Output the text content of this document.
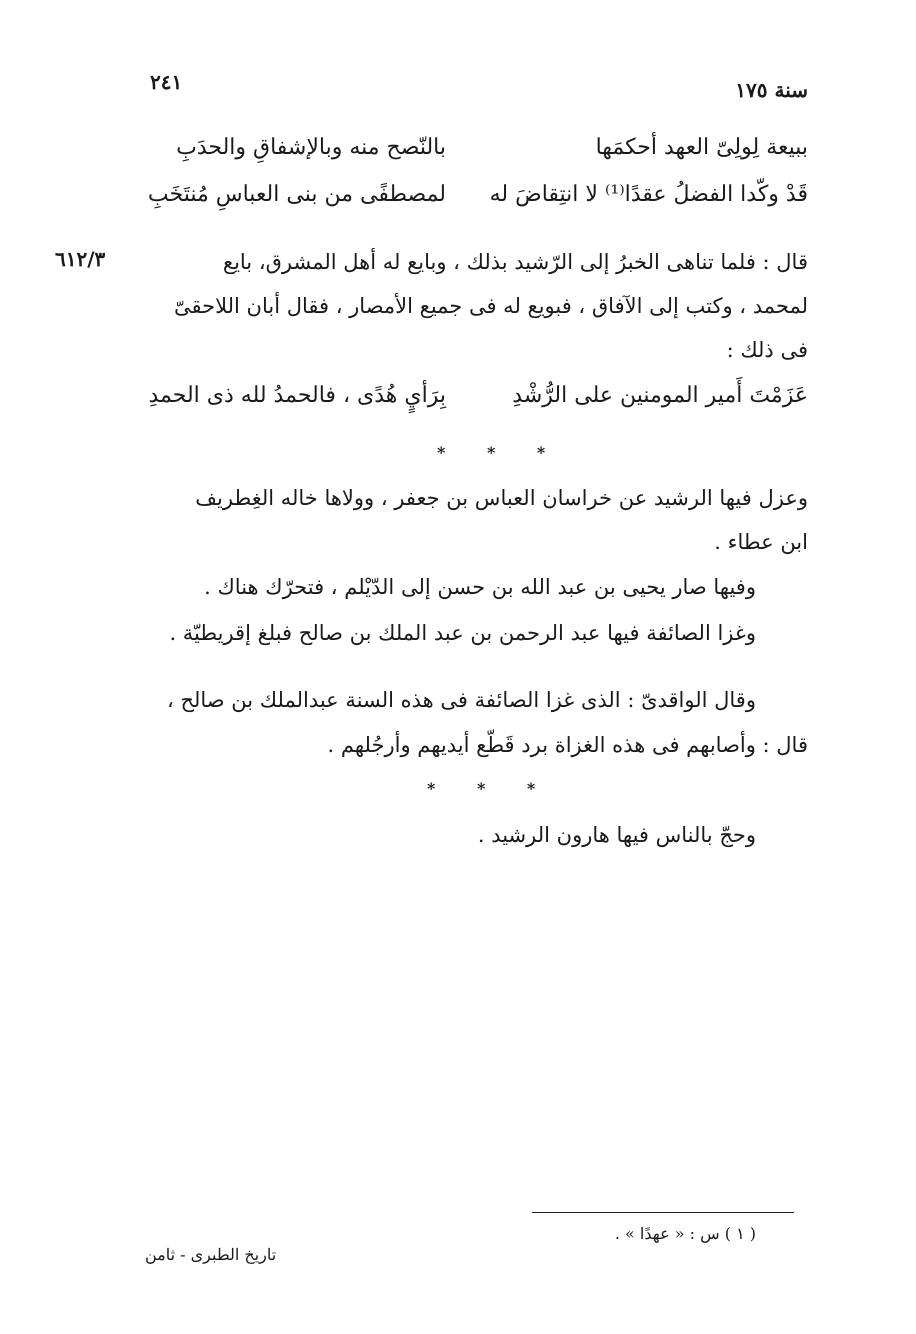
٢٤١	سنة ١٧٥
٦١٢/٣
ببيعة لِولِىّ العهد أحكمَها
بالنّصح منه وبالإشفاقِ والحدَبِ
قَدْ وكّدا الفضلُ عقدًا⁽¹⁾ لا انتِقاضَ له
لمصطفًى من بنى العباسِ مُنتَخَبِ
قال : فلما تناهى الخبرُ إلى الرّشيد بذلك ، وبايع له أهل المشرق، بايع
لمحمد ، وكتب إلى الآفاق ، فبويع له فى جميع الأمصار ، فقال أبان اللاحقىّ
فى ذلك :
عَزَمْتَ أَمير المومنين على الرُّشْدِ
بِرَأيٍ هُدًى ، فالحمدُ لله ذى الحمدِ
* * *
وعزل فيها الرشيد عن خراسان العباس بن جعفر ، وولاها خاله الغِطريف
ابن عطاء .
وفيها صار يحيى بن عبد الله بن حسن إلى الدّيْلم ، فتحرّك هناك .
وغزا الصائفة فيها عبد الرحمن بن عبد الملك بن صالح فبلغ إقريطيّة .
وقال الواقدىّ : الذى غزا الصائفة فى هذه السنة عبدالملك بن صالح ،
قال : وأصابهم فى هذه الغزاة برد قَطّع أيديهم وأرجُلهم .
* * *
وحجّ بالناس فيها هارون الرشيد .
( ١ ) س : « عهدًا » .
تاريخ الطبرى - ثامن
